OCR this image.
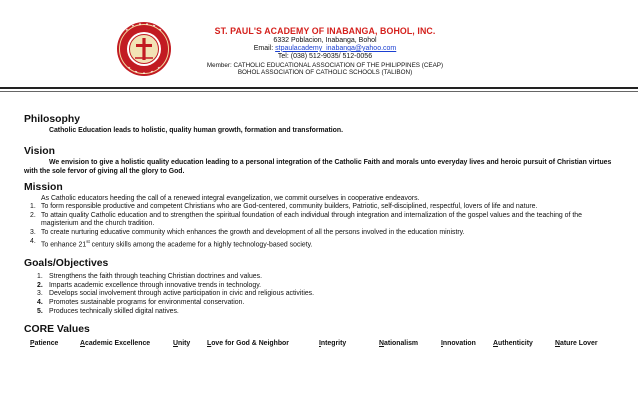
ST. PAUL'S ACADEMY OF INABANGA, BOHOL, INC.
6332 Poblacion, Inabanga, Bohol
Email: stpaulacademy_inabanga@yahoo.com
Tel: (038) 512-9035/ 512-0056
Member: CATHOLIC EDUCATIONAL ASSOCIATION OF THE PHILIPPINES (CEAP)
BOHOL ASSOCIATION OF CATHOLIC SCHOOLS (TALIBON)
Philosophy

Catholic Education leads to holistic, quality human growth, formation and transformation.

Vision

We envision to give a holistic quality education leading to a personal integration of the Catholic Faith and morals unto everyday lives and heroic pursuit of Christian virtues with the sole fervor of giving all the glory to God.

Mission

As Catholic educators heeding the call of a renewed integral evangelization, we commit ourselves in cooperative endeavors.

1. To form responsible productive and competent Christians who are God-centered, community builders, Patriotic, self-disciplined, respectful, lovers of life and nature.
2. To attain quality Catholic education and to strengthen the spiritual foundation of each individual through integration and internalization of the gospel values and the teaching of the magisterium and the church tradition.
3. To create nurturing educative community which enhances the growth and development of all the persons involved in the education ministry.
4. To enhance 21st century skills among the academe for a highly technology-based society.
Goals/Objectives
1. Strengthens the faith through teaching Christian doctrines and values.
2. Imparts academic excellence through innovative trends in technology.
3. Develops social involvement through active participation in civic and religious activities.
4. Promotes sustainable programs for environmental conservation.
5. Produces technically skilled digital natives.
CORE Values
Patience	Academic Excellence	Unity	Love for God & Neighbor	Integrity	Nationalism	Innovation	Authenticity	Nature Lover
